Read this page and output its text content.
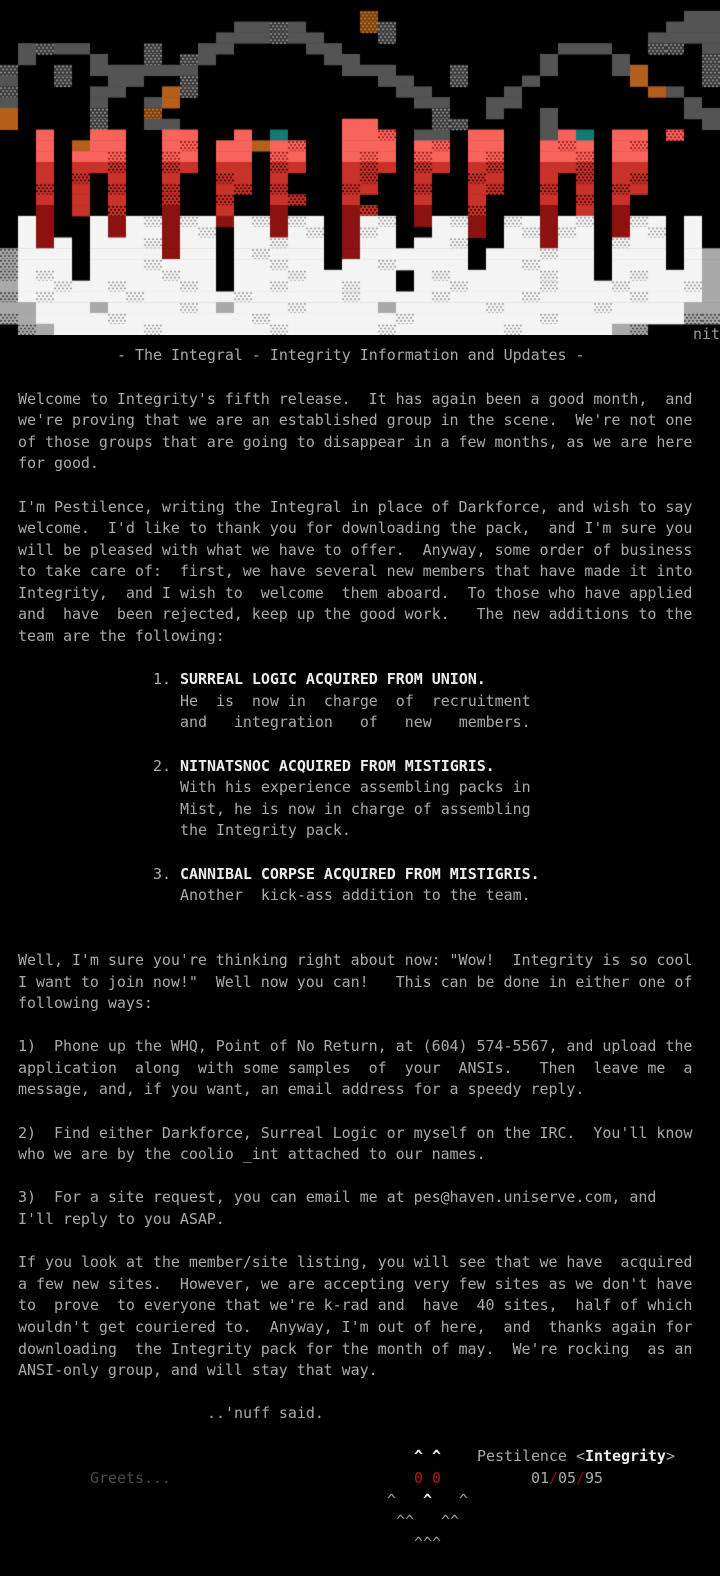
nit
- The Integral - Integrity Information and Updates -
Welcome to Integrity's fifth release.  It has again been a good month,  and
we're proving that we are an established group in the scene.  We're not one
of those groups that are going to disappear in a few months, as we are here
for good.
I'm Pestilence, writing the Integral in place of Darkforce, and wish to say
welcome.  I'd like to thank you for downloading the pack,  and I'm sure you
will be pleased with what we have to offer.  Anyway, some order of business
to take care of:  first, we have several new members that have made it into
Integrity,  and I wish to  welcome  them aboard.  To those who have applied
and  have  been rejected, keep up the good work.   The new additions to the
team are the following:
1. SURREAL LOGIC ACQUIRED FROM UNION.
He  is  now in  charge  of  recruitment
and   integration   of   new   members.
2. NITNATSNOC ACQUIRED FROM MISTIGRIS.
With his experience assembling packs in
Mist, he is now in charge of assembling
the Integrity pack.
3. CANNIBAL CORPSE ACQUIRED FROM MISTIGRIS.
Another  kick-ass addition to the team.
Well, I'm sure you're thinking right about now: "Wow!  Integrity is so cool
I want to join now!"  Well now you can!   This can be done in either one of
following ways:
1)  Phone up the WHQ, Point of No Return, at (604) 574-5567, and upload the
application  along  with some samples  of  your  ANSIs.   Then  leave me  a
message, and, if you want, an email address for a speedy reply.
2)  Find either Darkforce, Surreal Logic or myself on the IRC.  You'll know
who we are by the coolio _int attached to our names.
3)  For a site request, you can email me at pes@haven.uniserve.com, and
I'll reply to you ASAP.
If you look at the member/site listing, you will see that we have  acquired
a few new sites.  However, we are accepting very few sites as we don't have
to  prove  to everyone that we're k-rad and  have  40 sites,  half of which
wouldn't get couriered to.  Anyway, I'm out of here,  and  thanks again for
downloading  the Integrity pack for the month of may.  We're rocking  as an
ANSI-only group, and will stay that way.
..'nuff said.
^ ^ Pestilence < Integrity >
Greets...	0 0	01 / 05 / 95
^ ^ ^
^^ ^^
^^^
